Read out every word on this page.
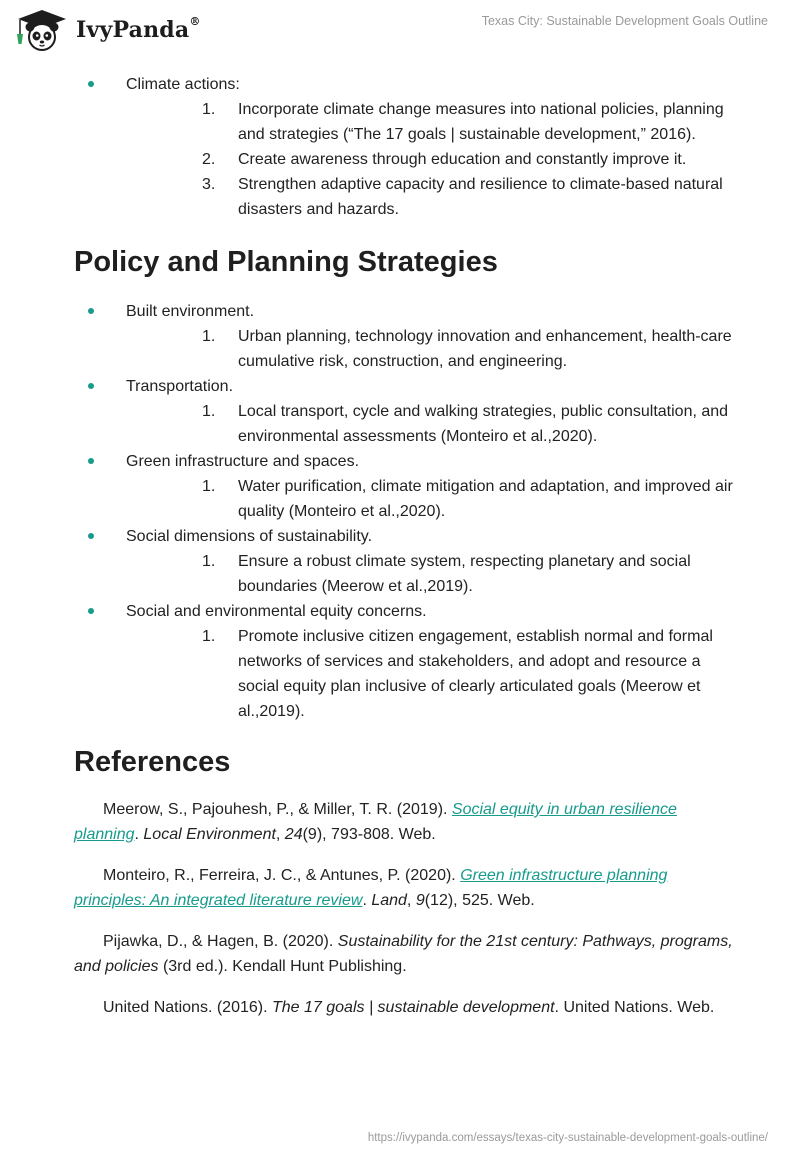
IvyPanda®	Texas City: Sustainable Development Goals Outline
Climate actions:
1. Incorporate climate change measures into national policies, planning and strategies (“The 17 goals | sustainable development,” 2016).
2. Create awareness through education and constantly improve it.
3. Strengthen adaptive capacity and resilience to climate-based natural disasters and hazards.
Policy and Planning Strategies
Built environment.
1. Urban planning, technology innovation and enhancement, health-care cumulative risk, construction, and engineering.
Transportation.
1. Local transport, cycle and walking strategies, public consultation, and environmental assessments (Monteiro et al.,2020).
Green infrastructure and spaces.
1. Water purification, climate mitigation and adaptation, and improved air quality (Monteiro et al.,2020).
Social dimensions of sustainability.
1. Ensure a robust climate system, respecting planetary and social boundaries (Meerow et al.,2019).
Social and environmental equity concerns.
1. Promote inclusive citizen engagement, establish normal and formal networks of services and stakeholders, and adopt and resource a social equity plan inclusive of clearly articulated goals (Meerow et al.,2019).
References

Meerow, S., Pajouhesh, P., & Miller, T. R. (2019). Social equity in urban resilience planning. Local Environment, 24(9), 793-808. Web.

Monteiro, R., Ferreira, J. C., & Antunes, P. (2020). Green infrastructure planning principles: An integrated literature review. Land, 9(12), 525. Web.

Pijawka, D., & Hagen, B. (2020). Sustainability for the 21st century: Pathways, programs, and policies (3rd ed.). Kendall Hunt Publishing.

United Nations. (2016). The 17 goals | sustainable development. United Nations. Web.

https://ivypanda.com/essays/texas-city-sustainable-development-goals-outline/
